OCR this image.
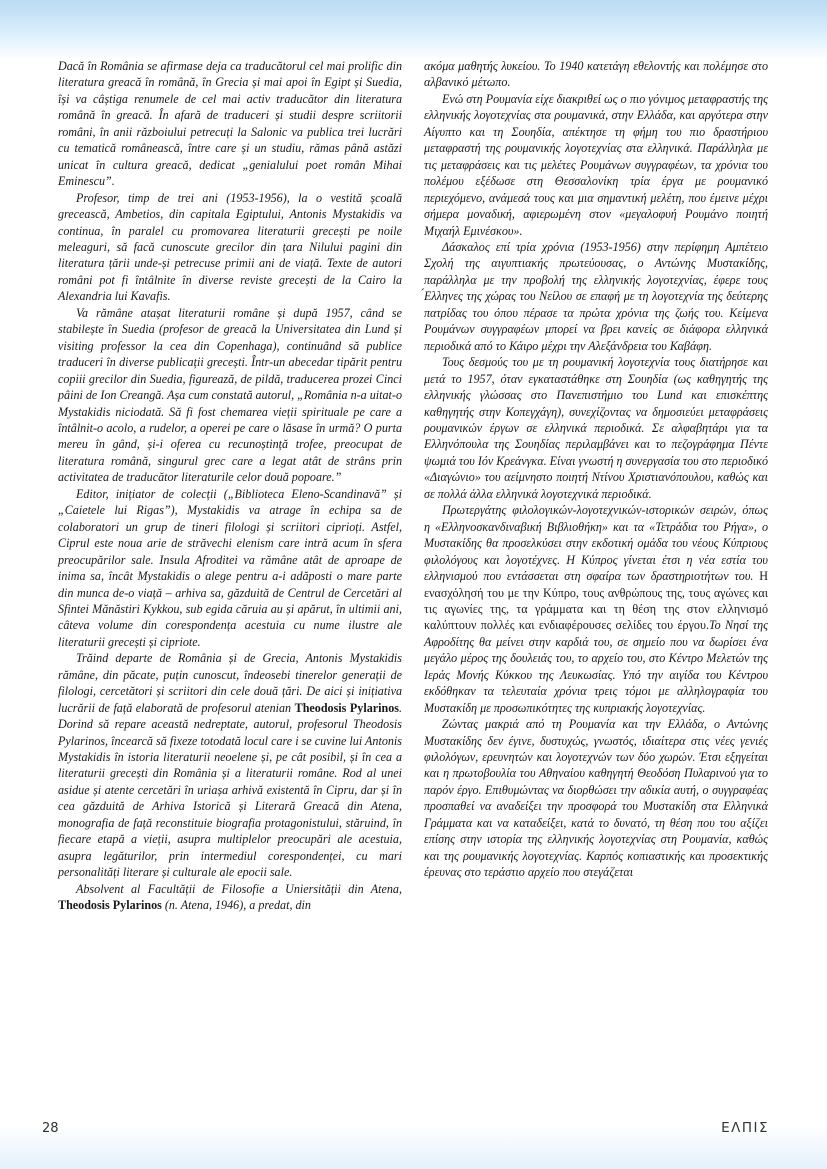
Dacă în România se afirmase deja ca traducătorul cel mai prolific din literatura greacă în română, în Grecia și mai apoi în Egipt și Suedia, își va câștiga renumele de cel mai activ traducător din literatura română în greacă. În afară de traduceri și studii despre scriitorii români, în anii războiului petrecuți la Salonic va publica trei lucrări cu tematică românească, între care și un studiu, rămas până astăzi unicat în cultura greacă, dedicat „genialului poet român Mihai Eminescu”.

Profesor, timp de trei ani (1953-1956), la o vestită școală grecească, Ambetios, din capitala Egiptului, Antonis Mystakidis va continua, în paralel cu promovarea literaturii grecești pe noile meleaguri, să facă cunoscute grecilor din țara Nilului pagini din literatura țării unde-și petrecuse primii ani de viață. Texte de autori români pot fi întâlnite în diverse reviste grecești de la Cairo la Alexandria lui Kavafis.

Va rămâne atașat literaturii române și după 1957, când se stabilește în Suedia (profesor de greacă la Universitatea din Lund și visiting professor la cea din Copenhaga), continuând să publice traduceri în diverse publicații grecești. Într-un abecedar tipărit pentru copiii grecilor din Suedia, figurează, de pildă, traducerea prozei Cinci pâini de Ion Creangă. Așa cum constată autorul, „România n-a uitat-o Mystakidis niciodată. Să fi fost chemarea vieții spirituale pe care a întâlnit-o acolo, a rudelor, a operei pe care o lăsase în urmă? O purta mereu în gând, și-i oferea cu recunoștință trofee, preocupat de literatura română, singurul grec care a legat atât de strâns prin activitatea de traducător literaturile celor două popoare.”

Editor, inițiator de colecții („Biblioteca Eleno-Scandinavă” și „Caietele lui Rigas”), Mystakidis va atrage în echipa sa de colaboratori un grup de tineri filologi și scriitori ciprioți. Astfel, Ciprul este noua arie de străvechi elenism care intră acum în sfera preocupărilor sale. Insula Afroditei va rămâne atât de aproape de inima sa, încât Mystakidis o alege pentru a-i adăposti o mare parte din munca de-o viață – arhiva sa, găzduită de Centrul de Cercetări al Sfintei Mănăstiri Kykkou, sub egida căruia au și apărut, în ultimii ani, câteva volume din corespondența acestuia cu nume ilustre ale literaturii grecești și cipriote.

Trăind departe de România și de Grecia, Antonis Mystakidis rămâne, din păcate, puțin cunoscut, îndeosebi tinerelor generații de filologi, cercetători și scriitori din cele două țări. De aici și inițiativa lucrării de față elaborată de profesorul atenian Theodosis Pylarinos. Dorind să repare această nedreptate, autorul, profesorul Theodosis Pylarinos, încearcă să fixeze totodată locul care i se cuvine lui Antonis Mystakidis în istoria literaturii neoelene și, pe cât posibil, și în cea a literaturii grecești din România și a literaturii române. Rod al unei asidue și atente cercetări în uriașa arhivă existentă în Cipru, dar și în cea găzduită de Arhiva Istorică și Literară Greacă din Atena, monografia de față reconstituie biografia protagonistului, stăruind, în fiecare etapă a vieții, asupra multiplelor preocupări ale acestuia, asupra legăturilor, prin intermediul corespondenței, cu mari personalități literare și culturale ale epocii sale.

Absolvent al Facultății de Filosofie a Uniersității din Atena, Theodosis Pylarinos (n. Atena, 1946), a predat, din

ακόμα μαθητής λυκείου. Το 1940 κατετάγη εθελοντής και πολέμησε στο αλβανικό μέτωπο.

Ενώ στη Ρουμανία είχε διακριθεί ως ο πιο γόνιμος μεταφραστής της ελληνικής λογοτεχνίας στα ρουμανικά, στην Ελλάδα, και αργότερα στην Αίγυπτο και τη Σουηδία, απέκτησε τη φήμη του πιο δραστήριου μεταφραστή της ρουμανικής λογοτεχνίας στα ελληνικά. Παράλληλα με τις μεταφράσεις και τις μελέτες Ρουμάνων συγγραφέων, τα χρόνια του πολέμου εξέδωσε στη Θεσσαλονίκη τρία έργα με ρουμανικό περιεχόμενο, ανάμεσά τους και μια σημαντική μελέτη, που έμεινε μέχρι σήμερα μοναδική, αφιερωμένη στον «μεγαλοφυή Ρουμάνο ποιητή Μιχαήλ Εμινέσκου».

Δάσκαλος επί τρία χρόνια (1953-1956) στην περίφημη Αμπέτειο Σχολή της αιγυπτιακής πρωτεύουσας, ο Αντώνης Μυστακίδης, παράλληλα με την προβολή της ελληνικής λογοτεχνίας, έφερε τους ́Ελληνες της χώρας του Νείλου σε επαφή με τη λογοτεχνία της δεύτερης πατρίδας του όπου πέρασε τα πρώτα χρόνια της ζωής του. Κείμενα Ρουμάνων συγγραφέων μπορεί να βρει κανείς σε διάφορα ελληνικά περιοδικά από το Κάιρο μέχρι την Αλεξάνδρεια του Καβάφη.

Τους δεσμούς του με τη ρουμανική λογοτεχνία τους διατήρησε και μετά το 1957, όταν εγκαταστάθηκε στη Σουηδία (ως καθηγητής της ελληνικής γλώσσας στο Πανεπιστήμιο του Lund και επισκέπτης καθηγητής στην Κοπεγχάγη), συνεχίζοντας να δημοσιεύει μεταφράσεις ρουμανικών έργων σε ελληνικά περιοδικά. Σε αλφαβητάρι για τα Ελληνόπουλα της Σουηδίας περιλαμβάνει και το πεζογράφημα Πέντε ψωμιά του Ιόν Κρεάνγκα. Είναι γνωστή η συνεργασία του στο περιοδικό «Διαγώνιο» του αείμνηστο ποιητή Ντίνου Χριστιανόπουλου, καθώς και σε πολλά άλλα ελληνικά λογοτεχνικά περιοδικά.

Πρωτεργάτης φιλολογικών-λογοτεχνικών-ιστορικών σειρών, όπως η «Ελληνοσκανδιναβική Βιβλιοθήκη» και τα «Τετράδια του Ρήγα», ο Μυστακίδης θα προσελκύσει στην εκδοτική ομάδα του νέους Κύπριους φιλολόγους και λογοτέχνες. Η Κύπρος γίνεται έτσι η νέα εστία του ελληνισμού που εντάσσεται στη σφαίρα των δραστηριοτήτων του. Η ενασχόλησή του με την Κύπρο, τους ανθρώπους της, τους αγώνες και τις αγωνίες της, τα γράμματα και τη θέση της στον ελληνισμό καλύπτουν πολλές και ενδιαφέρουσες σελίδες του έργου.Το Νησί της Αφροδίτης θα μείνει στην καρδιά του, σε σημείο που να δωρίσει ένα μεγάλο μέρος της δουλειάς του, το αρχείο του, στο Κέντρο Μελετών της Ιεράς Μονής Κύκκου της Λευκωσίας. Υπό την αιγίδα του Κέντρου εκδόθηκαν τα τελευταία χρόνια τρεις τόμοι με αλληλογραφία του Μυστακίδη με προσωπικότητες της κυπριακής λογοτεχνίας.

Ζώντας μακριά από τη Ρουμανία και την Ελλάδα, ο Αντώνης Μυστακίδης δεν έγινε, δυστυχώς, γνωστός, ιδιαίτερα στις νέες γενιές φιλολόγων, ερευνητών και λογοτεχνών των δύο χωρών. Έτσι εξηγείται και η πρωτοβουλία του Αθηναίου καθηγητή Θεοδόση Πυλαρινού για το παρόν έργο. Επιθυμώντας να διορθώσει την αδικία αυτή, ο συγγραφέας προσπαθεί να αναδείξει την προσφορά του Μυστακίδη στα Ελληνικά Γράμματα και να καταδείξει, κατά το δυνατό, τη θέση που του αξίζει επίσης στην ιστορία της ελληνικής λογοτεχνίας στη Ρουμανία, καθώς και της ρουμανικής λογοτεχνίας. Καρπός κοπιαστικής και προσεκτικής έρευνας στο τεράστιο αρχείο που στεγάζεται

28	ΕΛΠΙΣ
